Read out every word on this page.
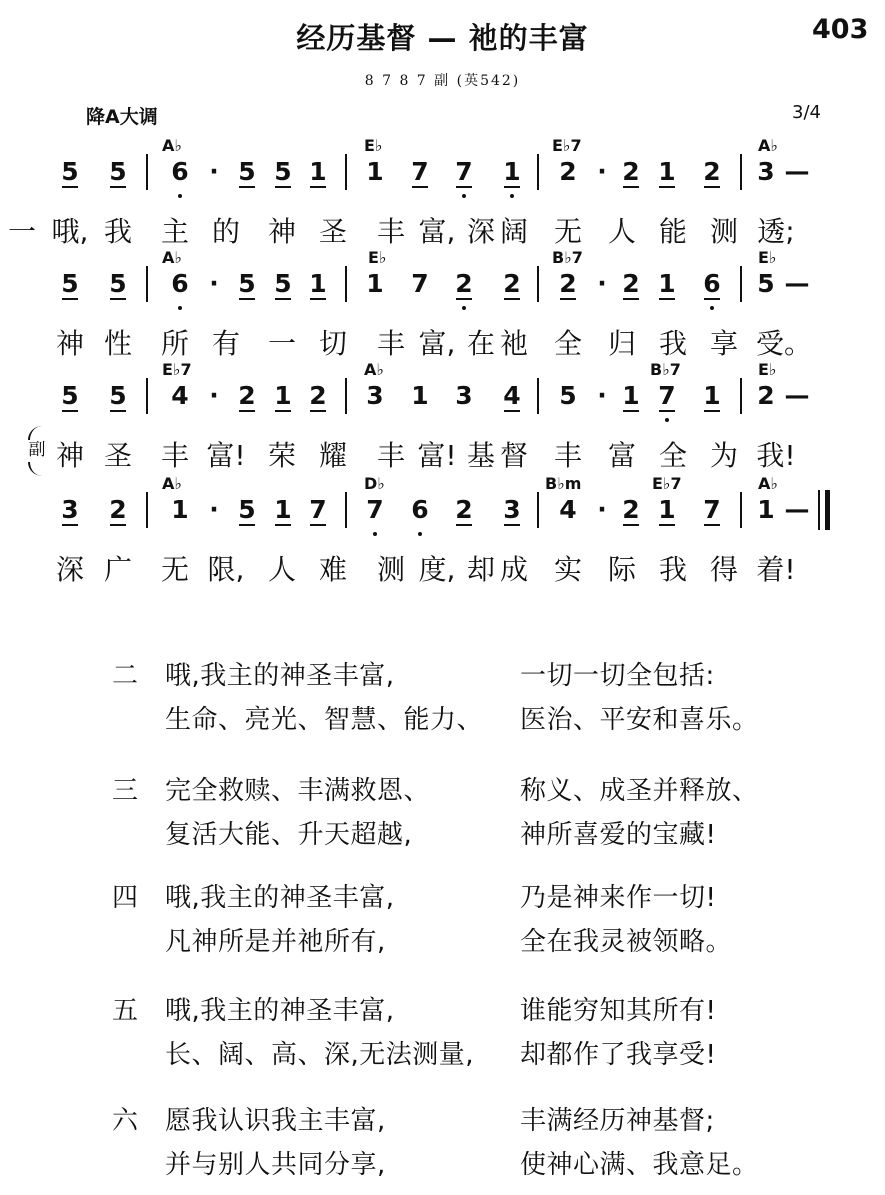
403
经历基督 — 祂的丰富
8 7 8 7 副 (英542)
降A大调	3/4
A♭	E♭	E♭7	A♭
5 5 6 · 5 5 1 1 7 7 1 2 · 2 1 2 3 —
一 哦, 我 主 的 神 圣 丰 富, 深 阔 无 人 能 测 透;
A♭	E♭	B♭7	E♭
5 5 6 · 5 5 1 1 7 2 2 2 · 2 1 6 5 —
神 性 所 有 一 切 丰 富, 在 祂 全 归 我 享 受。
E♭7	A♭	B♭7	E♭
5 5 4 · 2 1 2 3 1 3 4 5 · 1 7 1 2 —
副 神 圣 丰 富! 荣 耀 丰 富! 基 督 丰 富 全 为 我!
A♭	D♭	B♭m	E♭7	A♭
3 2 1 · 5 1 7 7 6 2 3 4 · 2 1 7 1 —
深 广 无 限, 人 难 测 度, 却 成 实 际 我 得 着!
二 哦,我主的神圣丰富,	一切一切全包括:
生命、亮光、智慧、能力、 医治、平安和喜乐。
三 完全救赎、丰满救恩、	称义、成圣并释放、
复活大能、升天超越,	神所喜爱的宝藏!
四 哦,我主的神圣丰富,	乃是神来作一切!
凡神所是并祂所有,	全在我灵被领略。
五 哦,我主的神圣丰富,	谁能穷知其所有!
长、阔、高、深,无法测量, 却都作了我享受!
六 愿我认识我主丰富,	丰满经历神基督;
并与别人共同分享,	使神心满、我意足。
